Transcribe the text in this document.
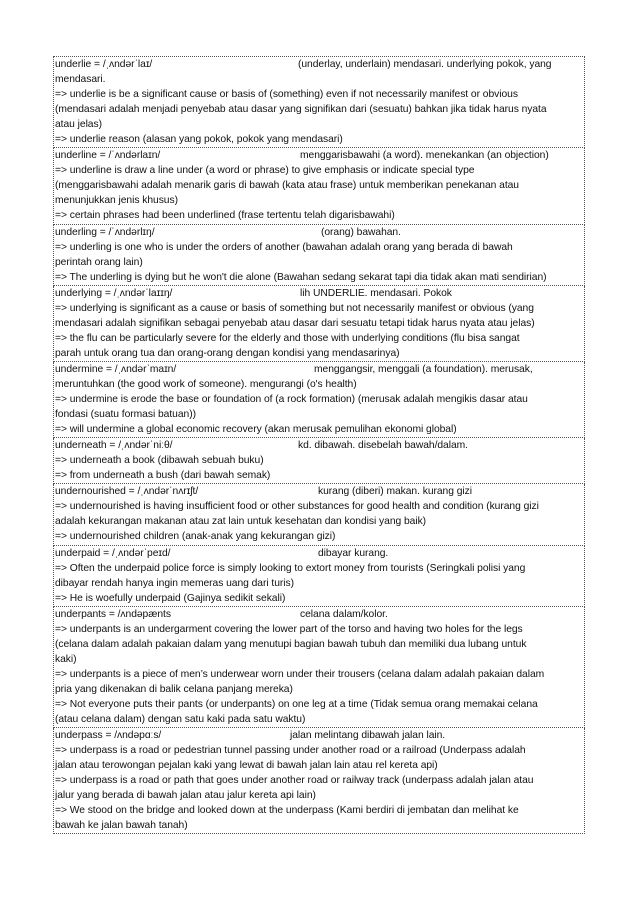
underlie = /ˌʌndərˈlaɪ/	(underlay, underlain) mendasari. underlying pokok, yang
mendasari.
=> underlie is be a significant cause or basis of (something) even if not necessarily manifest or obvious
(mendasari adalah menjadi penyebab atau dasar yang signifikan dari (sesuatu) bahkan jika tidak harus nyata
atau jelas)
=> underlie reason (alasan yang pokok, pokok yang mendasari)
underline = /ˈʌndərlaɪn/	menggarisbawahi (a word). menekankan (an objection)
=> underline is draw a line under (a word or phrase) to give emphasis or indicate special type
(menggarisbawahi adalah menarik garis di bawah (kata atau frase) untuk memberikan penekanan atau
menunjukkan jenis khusus)
=> certain phrases had been underlined (frase tertentu telah digarisbawahi)
underling = /ˈʌndərlɪŋ/	(orang) bawahan.
=> underling is one who is under the orders of another (bawahan adalah orang yang berada di bawah
perintah orang lain)
=> The underling is dying but he won't die alone (Bawahan sedang sekarat tapi dia tidak akan mati sendirian)
underlying = /ˌʌndərˈlaɪɪŋ/	lih UNDERLIE. mendasari. Pokok
=> underlying is significant as a cause or basis of something but not necessarily manifest or obvious (yang
mendasari adalah signifikan sebagai penyebab atau dasar dari sesuatu tetapi tidak harus nyata atau jelas)
=> the flu can be particularly severe for the elderly and those with underlying conditions (flu bisa sangat
parah untuk orang tua dan orang-orang dengan kondisi yang mendasarinya)
undermine = /ˌʌndərˈmaɪn/	menggangsir, menggali (a foundation). merusak,
meruntuhkan (the good work of someone). mengurangi (o's health)
=> undermine is erode the base or foundation of (a rock formation) (merusak adalah mengikis dasar atau
fondasi (suatu formasi batuan))
=> will undermine a global economic recovery (akan merusak pemulihan ekonomi global)
underneath = /ˌʌndərˈniːθ/	kd. dibawah. disebelah bawah/dalam.
=> underneath a book (dibawah sebuah buku)
=> from underneath a bush (dari bawah semak)
undernourished = /ˌʌndərˈnʌrɪʃt/	kurang (diberi) makan. kurang gizi
=> undernourished is having insufficient food or other substances for good health and condition (kurang gizi
adalah kekurangan makanan atau zat lain untuk kesehatan dan kondisi yang baik)
=> undernourished children (anak-anak yang kekurangan gizi)
underpaid = /ˌʌndərˈpeɪd/	dibayar kurang.
=> Often the underpaid police force is simply looking to extort money from tourists (Seringkali polisi yang
dibayar rendah hanya ingin memeras uang dari turis)
=> He is woefully underpaid (Gajinya sedikit sekali)
underpants = /ʌndəpænts	celana dalam/kolor.
=> underpants is an undergarment covering the lower part of the torso and having two holes for the legs
(celana dalam adalah pakaian dalam yang menutupi bagian bawah tubuh dan memiliki dua lubang untuk
kaki)
=> underpants is a piece of men’s underwear worn under their trousers (celana dalam adalah pakaian dalam
pria yang dikenakan di balik celana panjang mereka)
=> Not everyone puts their pants (or underpants) on one leg at a time (Tidak semua orang memakai celana
(atau celana dalam) dengan satu kaki pada satu waktu)
underpass = /ʌndəpɑːs/	jalan melintang dibawah jalan lain.
=> underpass is a road or pedestrian tunnel passing under another road or a railroad (Underpass adalah
jalan atau terowongan pejalan kaki yang lewat di bawah jalan lain atau rel kereta api)
=> underpass is a road or path that goes under another road or railway track (underpass adalah jalan atau
jalur yang berada di bawah jalan atau jalur kereta api lain)
=> We stood on the bridge and looked down at the underpass (Kami berdiri di jembatan dan melihat ke
bawah ke jalan bawah tanah)
